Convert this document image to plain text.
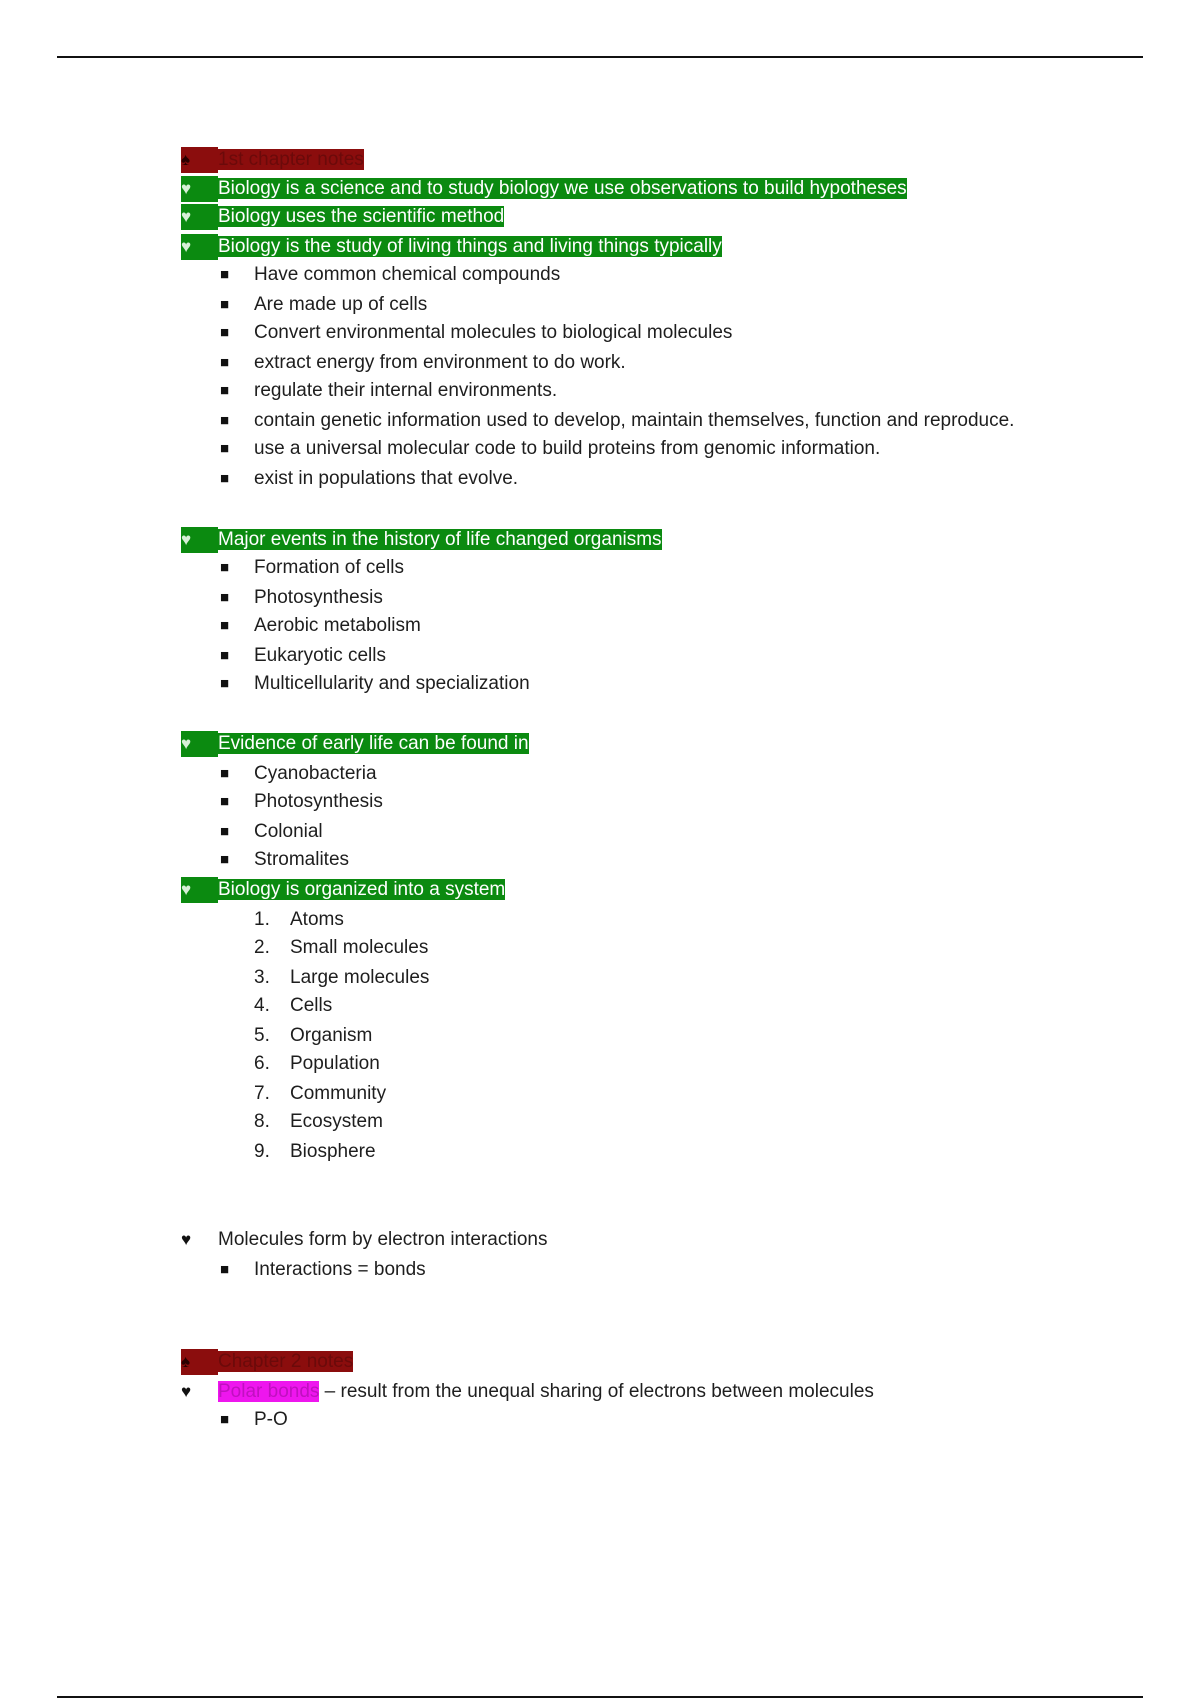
♠ 1st chapter notes
♥ Biology is a science and to study biology we use observations to build hypotheses
♥ Biology uses the scientific method
♥ Biology is the study of living things and living things typically
■ Have common chemical compounds
■ Are made up of cells
■ Convert environmental molecules to biological molecules
■ extract energy from environment to do work.
■ regulate their internal environments.
■ contain genetic information used to develop, maintain themselves, function and reproduce.
■ use a universal molecular code to build proteins from genomic information.
■ exist in populations that evolve.
♥ Major events in the history of life changed organisms
■ Formation of cells
■ Photosynthesis
■ Aerobic metabolism
■ Eukaryotic cells
■ Multicellularity and specialization
♥ Evidence of early life can be found in
■ Cyanobacteria
■ Photosynthesis
■ Colonial
■ Stromalites
♥ Biology is organized into a system
1. Atoms
2. Small molecules
3. Large molecules
4. Cells
5. Organism
6. Population
7. Community
8. Ecosystem
9. Biosphere
♥ Molecules form by electron interactions
■ Interactions = bonds
♠ Chapter 2 notes
♥ Polar bonds – result from the unequal sharing of electrons between molecules
■ P-O
